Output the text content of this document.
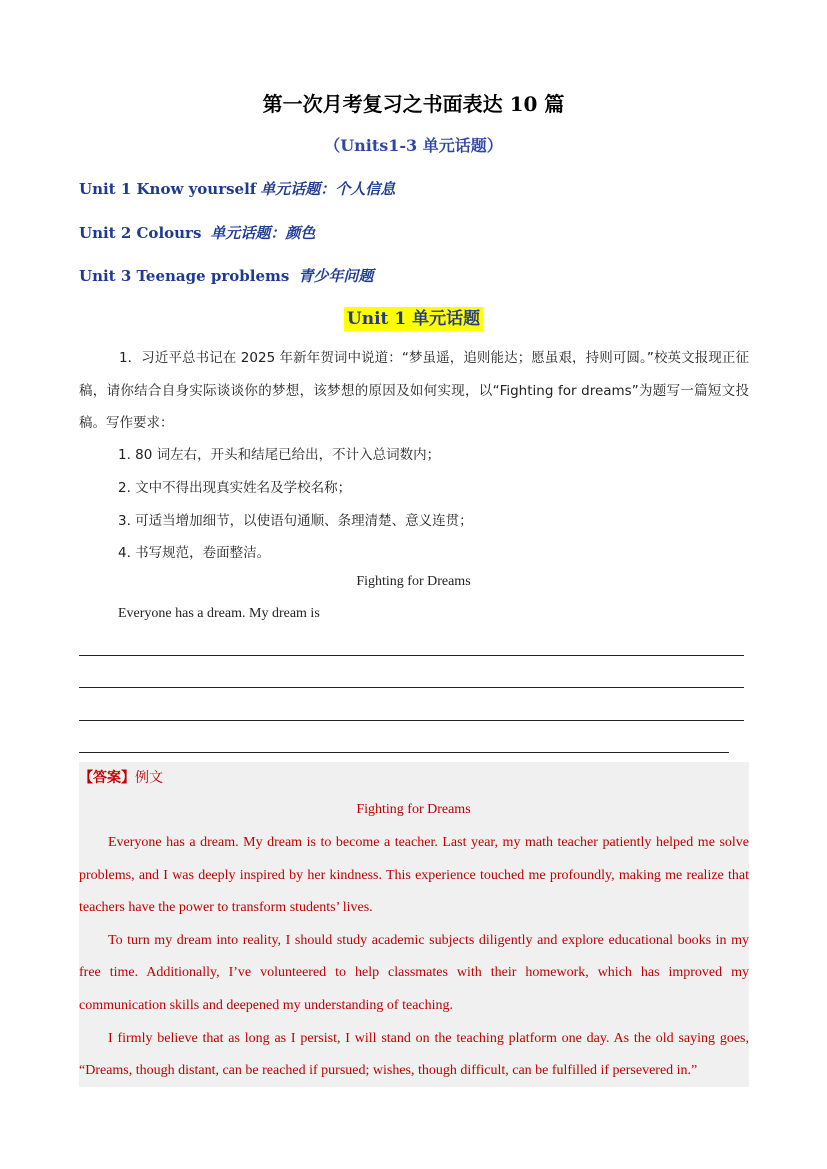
第一次月考复习之书面表达 10 篇
（Units1-3 单元话题）
Unit 1 Know yourself 单元话题：个人信息
Unit 2 Colours 单元话题：颜色
Unit 3 Teenage problems 青少年问题
Unit 1 单元话题
1．习近平总书记在 2025 年新年贺词中说道：“梦虽遥，追则能达；愿虽艰，持则可圆。”校英文报现正征稿，请你结合自身实际谈谈你的梦想，该梦想的原因及如何实现，以“Fighting for dreams”为题写一篇短文投稿。写作要求：
1. 80 词左右，开头和结尾已给出，不计入总词数内；
2. 文中不得出现真实姓名及学校名称；
3. 可适当增加细节，以使语句通顺、条理清楚、意义连贯；
4. 书写规范，卷面整洁。
Fighting for Dreams
Everyone has a dream. My dream is
【答案】例文
Fighting for Dreams

Everyone has a dream. My dream is to become a teacher. Last year, my math teacher patiently helped me solve problems, and I was deeply inspired by her kindness. This experience touched me profoundly, making me realize that teachers have the power to transform students’ lives.

To turn my dream into reality, I should study academic subjects diligently and explore educational books in my free time. Additionally, I’ve volunteered to help classmates with their homework, which has improved my communication skills and deepened my understanding of teaching.

I firmly believe that as long as I persist, I will stand on the teaching platform one day. As the old saying goes, “Dreams, though distant, can be reached if pursued; wishes, though difficult, can be fulfilled if persevered in.”
